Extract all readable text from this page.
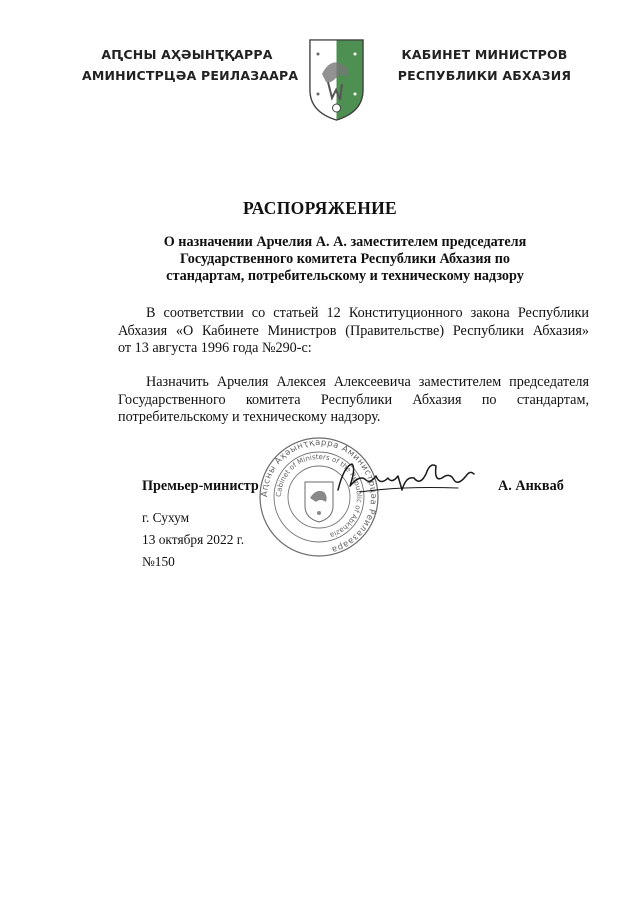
АԤСНЫ АҲӘЫНҬҚАРРА
АМИНИСТРЦӘА РЕИЛАЗААРА
КАБИНЕТ МИНИСТРОВ
РЕСПУБЛИКИ АБХАЗИЯ
РАСПОРЯЖЕНИЕ
О назначении Арчелия А. А. заместителем председателя
Государственного комитета Республики Абхазия по
стандартам, потребительскому и техническому надзору
В соответствии со статьей 12 Конституционного закона Республики
Абхазия «О Кабинете Министров (Правительстве) Республики Абхазия»
от 13 августа 1996 года №290-с:
Назначить Арчелия Алексея Алексеевича заместителем председателя
Государственного комитета Республики Абхазия по стандартам,
потребительскому и техническому надзору.
Аԥсны Аҳәынҭқарра Аминистрцәа Реилазаара
Cabinet of Ministers of the Republic of Abkhazia
Премьер-министр	А. Анкваб
г. Сухум
13 октября 2022 г.
№150
